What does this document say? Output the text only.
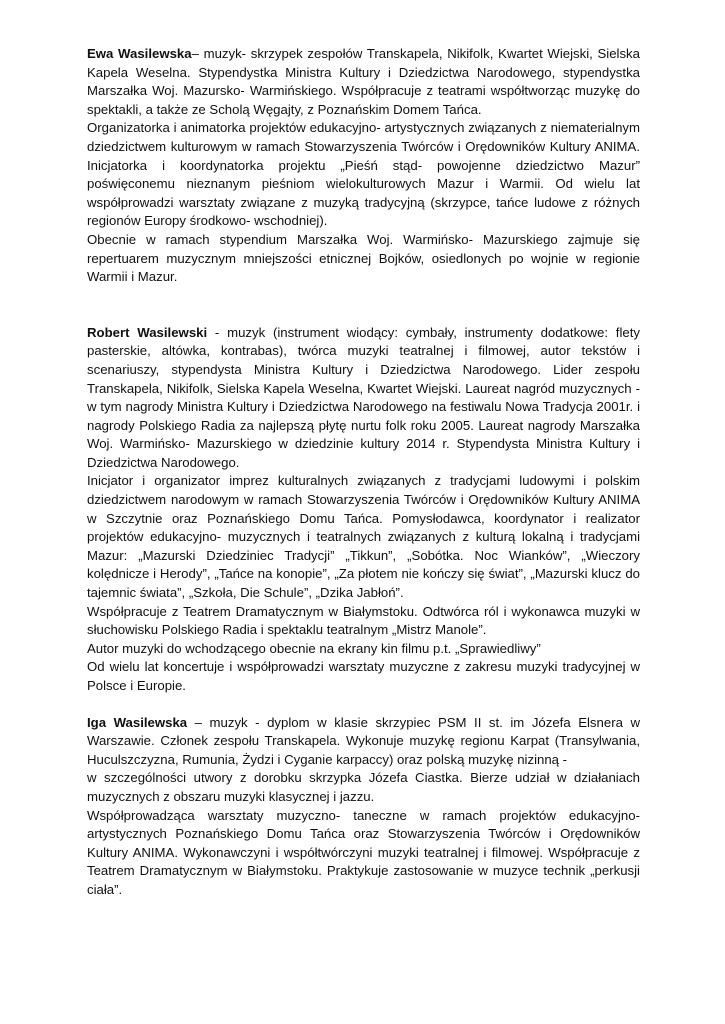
Ewa Wasilewska– muzyk- skrzypek zespołów Transkapela, Nikifolk, Kwartet Wiejski, Sielska Kapela Weselna. Stypendystka Ministra Kultury i Dziedzictwa Narodowego, stypendystka Marszałka Woj. Mazursko- Warmińskiego. Współpracuje z teatrami współtworząc muzykę do spektakli, a także ze Scholą Węgajty, z Poznańskim Domem Tańca.

Organizatorka i animatorka projektów edukacyjno- artystycznych związanych z niematerialnym dziedzictwem kulturowym w ramach Stowarzyszenia Twórców i Orędowników Kultury ANIMA. Inicjatorka i koordynatorka projektu „Pieśń stąd- powojenne dziedzictwo Mazur” poświęconemu nieznanym pieśniom wielokulturowych Mazur i Warmii. Od wielu lat współprowadzi warsztaty związane z muzyką tradycyjną (skrzypce, tańce ludowe z różnych regionów Europy środkowo- wschodniej).

Obecnie w ramach stypendium Marszałka Woj. Warmińsko- Mazurskiego zajmuje się repertuarem muzycznym mniejszości etnicznej Bojków, osiedlonych po wojnie w regionie Warmii i Mazur.

Robert Wasilewski - muzyk (instrument wiodący: cymbały, instrumenty dodatkowe: flety pasterskie, altówka, kontrabas), twórca muzyki teatralnej i filmowej, autor tekstów i scenariuszy, stypendysta Ministra Kultury i Dziedzictwa Narodowego. Lider zespołu Transkapela, Nikifolk, Sielska Kapela Weselna, Kwartet Wiejski. Laureat nagród muzycznych - w tym nagrody Ministra Kultury i Dziedzictwa Narodowego na festiwalu Nowa Tradycja 2001r. i nagrody Polskiego Radia za najlepszą płytę nurtu folk roku 2005. Laureat nagrody Marszałka Woj. Warmińsko- Mazurskiego w dziedzinie kultury 2014 r. Stypendysta Ministra Kultury i Dziedzictwa Narodowego.

Inicjator i organizator imprez kulturalnych związanych z tradycjami ludowymi i polskim dziedzictwem narodowym w ramach Stowarzyszenia Twórców i Orędowników Kultury ANIMA w Szczytnie oraz Poznańskiego Domu Tańca. Pomysłodawca, koordynator i realizator projektów edukacyjno- muzycznych i teatralnych związanych z kulturą lokalną i tradycjami Mazur: „Mazurski Dziedziniec Tradycji” „Tikkun”, „Sobótka. Noc Wianków”, „Wieczory kolędnicze i Herody”, „Tańce na konopie”, „Za płotem nie kończy się świat”, „Mazurski klucz do tajemnic świata”, „Szkoła, Die Schule”, „Dzika Jabłoń”.

Współpracuje z Teatrem Dramatycznym w Białymstoku. Odtwórca ról i wykonawca muzyki w słuchowisku Polskiego Radia i spektaklu teatralnym „Mistrz Manole”.

Autor muzyki do wchodzącego obecnie na ekrany kin filmu p.t. „Sprawiedliwy”

Od wielu lat koncertuje i współprowadzi warsztaty muzyczne z zakresu muzyki tradycyjnej w Polsce i Europie.

Iga Wasilewska – muzyk - dyplom w klasie skrzypiec PSM II st. im Józefa Elsnera w Warszawie. Członek zespołu Transkapela. Wykonuje muzykę regionu Karpat (Transylwania, Huculszczyzna, Rumunia, Żydzi i Cyganie karpaccy) oraz polską muzykę nizinną -

w szczególności utwory z dorobku skrzypka Józefa Ciastka. Bierze udział w działaniach muzycznych z obszaru muzyki klasycznej i jazzu.

Współprowadząca warsztaty muzyczno- taneczne w ramach projektów edukacyjno- artystycznych Poznańskiego Domu Tańca oraz Stowarzyszenia Twórców i Orędowników Kultury ANIMA. Wykonawczyni i współtwórczyni muzyki teatralnej i filmowej. Współpracuje z Teatrem Dramatycznym w Białymstoku. Praktykuje zastosowanie w muzyce technik „perkusji ciała”.
